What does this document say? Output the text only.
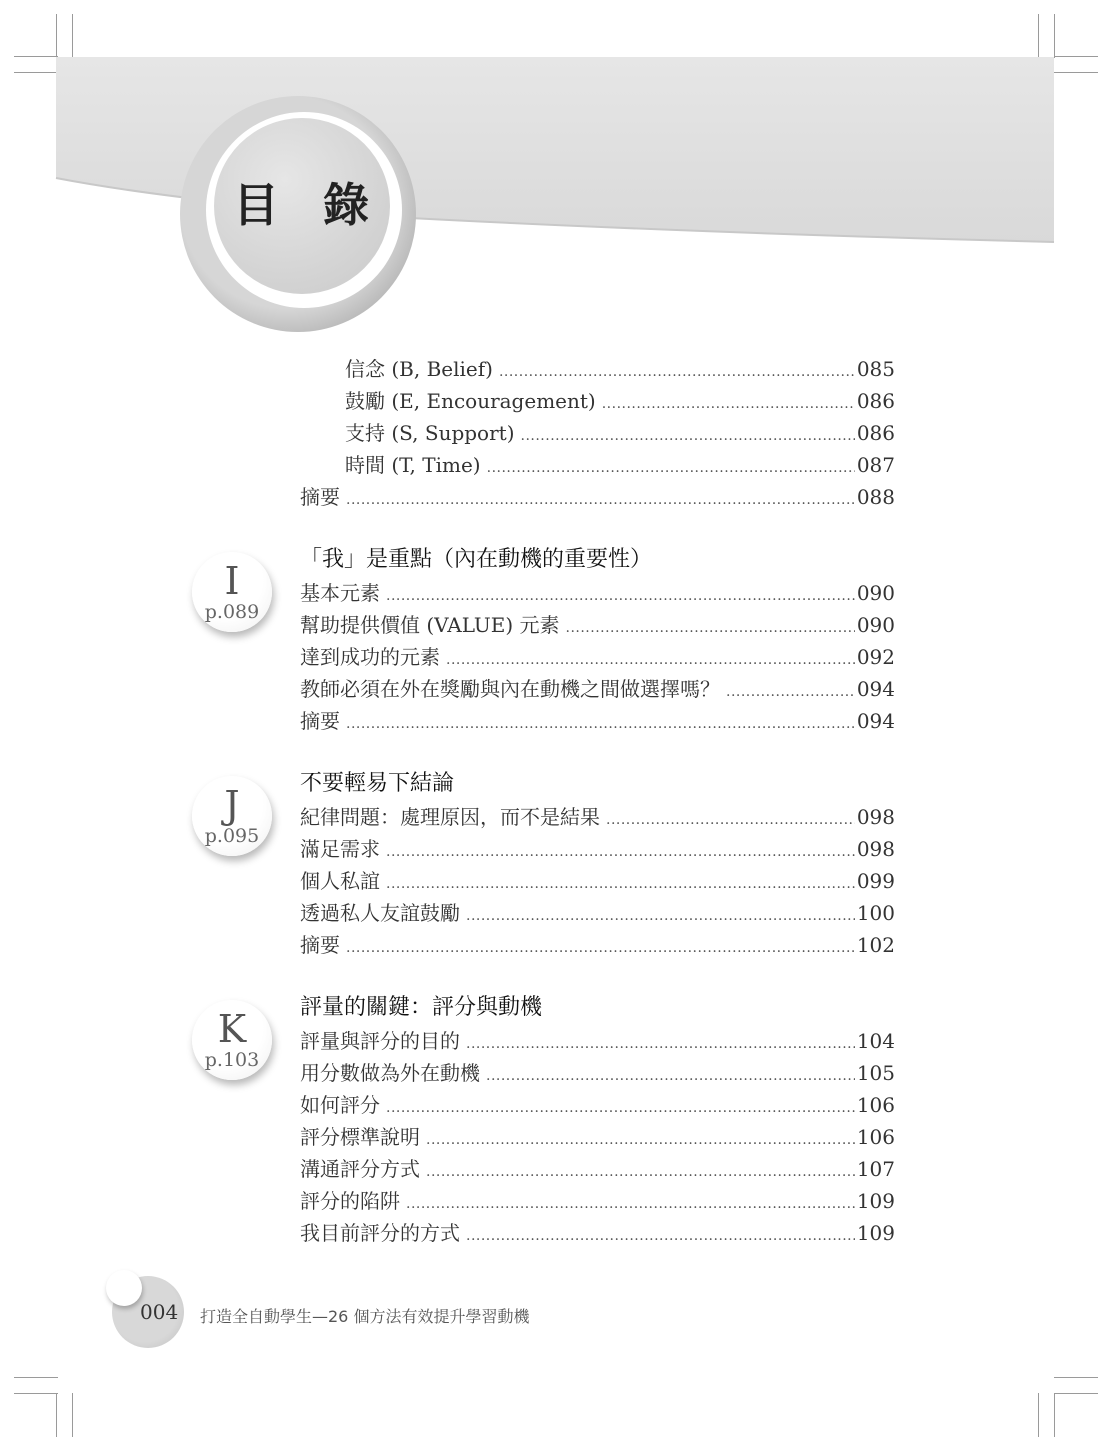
目 錄
信念 (B, Belief) .....	085
鼓勵 (E, Encouragement) .....	086
支持 (S, Support) .....	086
時間 (T, Time) .....	087
摘要 .....	088
「我」是重點（內在動機的重要性）
I
p.089
基本元素 .....	090
幫助提供價值 (VALUE) 元素 .....	090
達到成功的元素 .....	092
教師必須在外在獎勵與內在動機之間做選擇嗎？ .....	094
摘要 .....	094
不要輕易下結論
J
p.095
紀律問題：處理原因，而不是結果 .....	098
滿足需求 .....	098
個人私誼 .....	099
透過私人友誼鼓勵 .....	100
摘要 .....	102
評量的關鍵：評分與動機
K
p.103
評量與評分的目的 .....	104
用分數做為外在動機 .....	105
如何評分 .....	106
評分標準說明 .....	106
溝通評分方式 .....	107
評分的陷阱 .....	109
我目前評分的方式 .....	109
004 打造全自動學生—26 個方法有效提升學習動機
